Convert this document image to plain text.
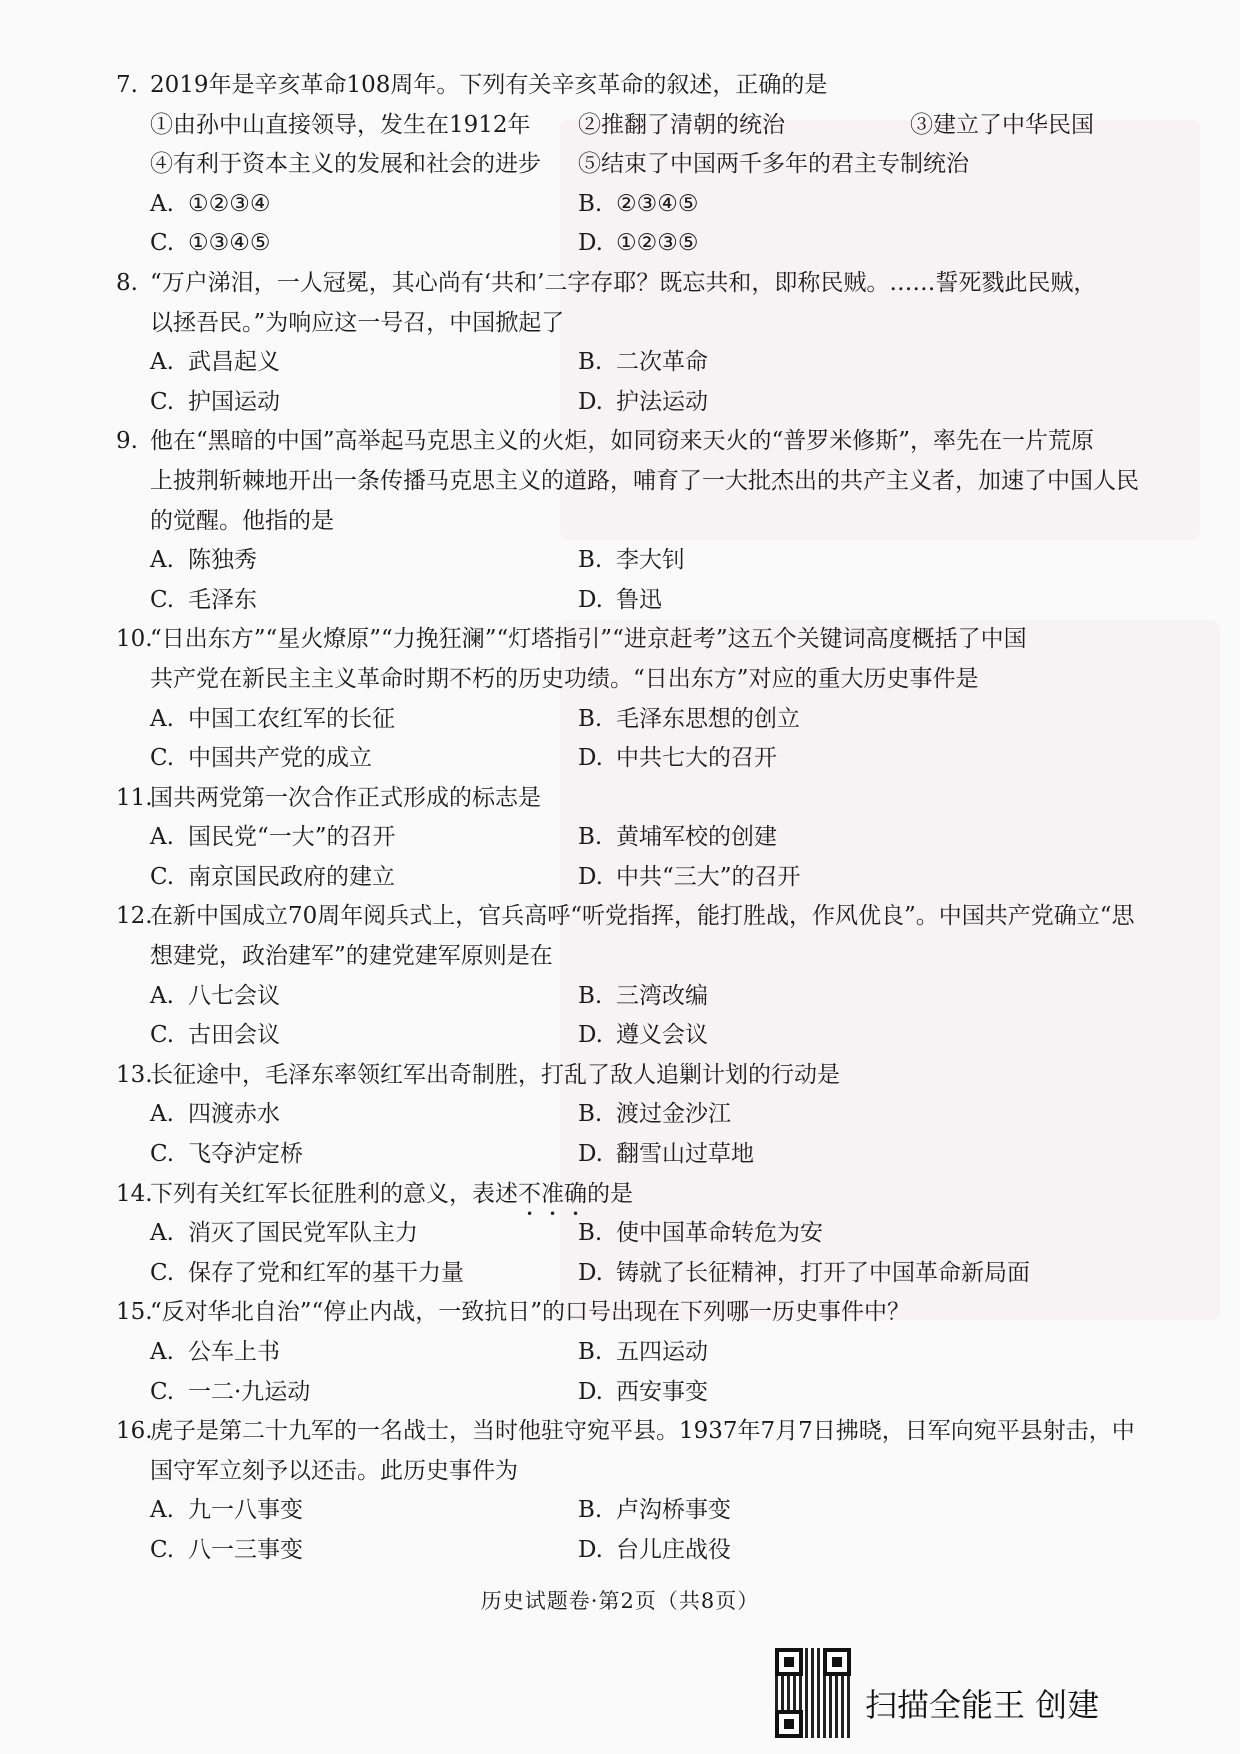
7. 2019年是辛亥革命108周年。下列有关辛亥革命的叙述，正确的是
①由孙中山直接领导，发生在1912年 ②推翻了清朝的统治	③建立了中华民国
④有利于资本主义的发展和社会的进步 ⑤结束了中国两千多年的君主专制统治
A. ①②③④	B. ②③④⑤
C. ①③④⑤	D. ①②③⑤
8. “万户涕泪，一人冠冕，其心尚有‘共和’二字存耶？既忘共和，即称民贼。……誓死戮此民贼，
以拯吾民。”为响应这一号召，中国掀起了
A. 武昌起义	B. 二次革命
C. 护国运动	D. 护法运动
9. 他在“黑暗的中国”高举起马克思主义的火炬，如同窃来天火的“普罗米修斯”，率先在一片荒原
上披荆斩棘地开出一条传播马克思主义的道路，哺育了一大批杰出的共产主义者，加速了中国人民
的觉醒。他指的是
A. 陈独秀	B. 李大钊
C. 毛泽东	D. 鲁迅
10.
“日出东方”“星火燎原”“力挽狂澜”“灯塔指引”“进京赶考”这五个关键词高度概括了中国
共产党在新民主主义革命时期不朽的历史功绩。“日出东方”对应的重大历史事件是
A. 中国工农红军的长征	B. 毛泽东思想的创立
C. 中国共产党的成立	D. 中共七大的召开
11.
国共两党第一次合作正式形成的标志是
A. 国民党“一大”的召开	B. 黄埔军校的创建
C. 南京国民政府的建立	D. 中共“三大”的召开
12.
在新中国成立70周年阅兵式上，官兵高呼“听党指挥，能打胜战，作风优良”。中国共产党确立“思
想建党，政治建军”的建党建军原则是在
A. 八七会议	B. 三湾改编
C. 古田会议	D. 遵义会议
13.
长征途中，毛泽东率领红军出奇制胜，打乱了敌人追剿计划的行动是
A. 四渡赤水	B. 渡过金沙江
C. 飞夺泸定桥	D. 翻雪山过草地
14.
下列有关红军长征胜利的意义，表述不准确的是
A. 消灭了国民党军队主力	B. 使中国革命转危为安
C. 保存了党和红军的基干力量	D. 铸就了长征精神，打开了中国革命新局面
15.
“反对华北自治”“停止内战，一致抗日”的口号出现在下列哪一历史事件中？
A. 公车上书	B. 五四运动
C. 一二·九运动	D. 西安事变
16.
虎子是第二十九军的一名战士，当时他驻守宛平县。1937年7月7日拂晓，日军向宛平县射击，中
国守军立刻予以还击。此历史事件为
A. 九一八事变	B. 卢沟桥事变
C. 八一三事变	D. 台儿庄战役
历史试题卷·第2页（共8页）
扫描全能王 创建
